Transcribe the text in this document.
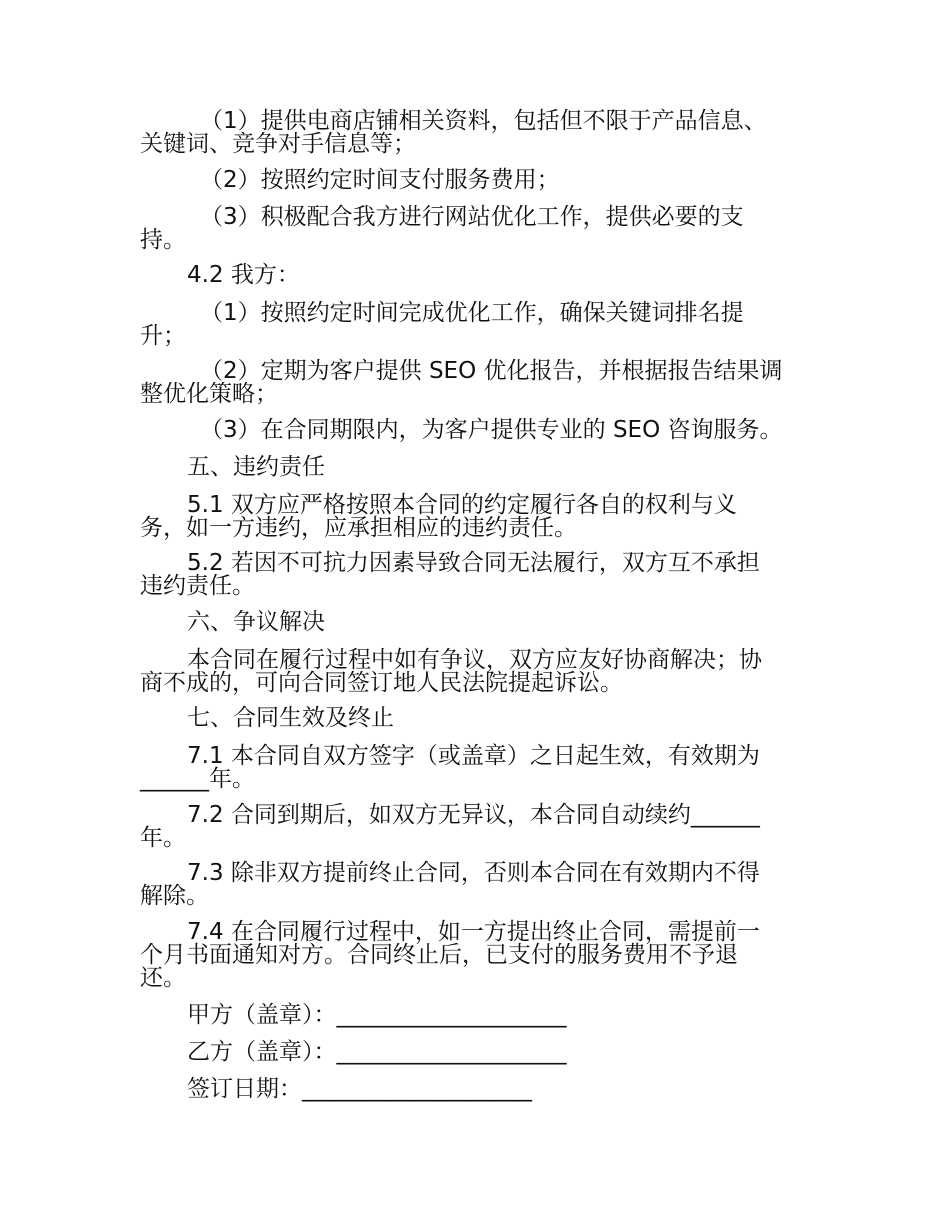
（1）提供电商店铺相关资料，包括但不限于产品信息、
关键词、竞争对手信息等；
（2）按照约定时间支付服务费用；
（3）积极配合我方进行网站优化工作，提供必要的支
持。
4.2 我方：
（1）按照约定时间完成优化工作，确保关键词排名提
升；
（2）定期为客户提供 SEO 优化报告，并根据报告结果调
整优化策略；
（3）在合同期限内，为客户提供专业的 SEO 咨询服务。
五、违约责任
5.1 双方应严格按照本合同的约定履行各自的权利与义
务，如一方违约，应承担相应的违约责任。
5.2 若因不可抗力因素导致合同无法履行，双方互不承担
违约责任。
六、争议解决
本合同在履行过程中如有争议，双方应友好协商解决；协
商不成的，可向合同签订地人民法院提起诉讼。
七、合同生效及终止
7.1 本合同自双方签字（或盖章）之日起生效，有效期为
______年。
7.2 合同到期后，如双方无异议，本合同自动续约______
年。
7.3 除非双方提前终止合同，否则本合同在有效期内不得
解除。
7.4 在合同履行过程中，如一方提出终止合同，需提前一
个月书面通知对方。合同终止后，已支付的服务费用不予退
还。
甲方（盖章）：____________________
乙方（盖章）：____________________
签订日期：____________________
